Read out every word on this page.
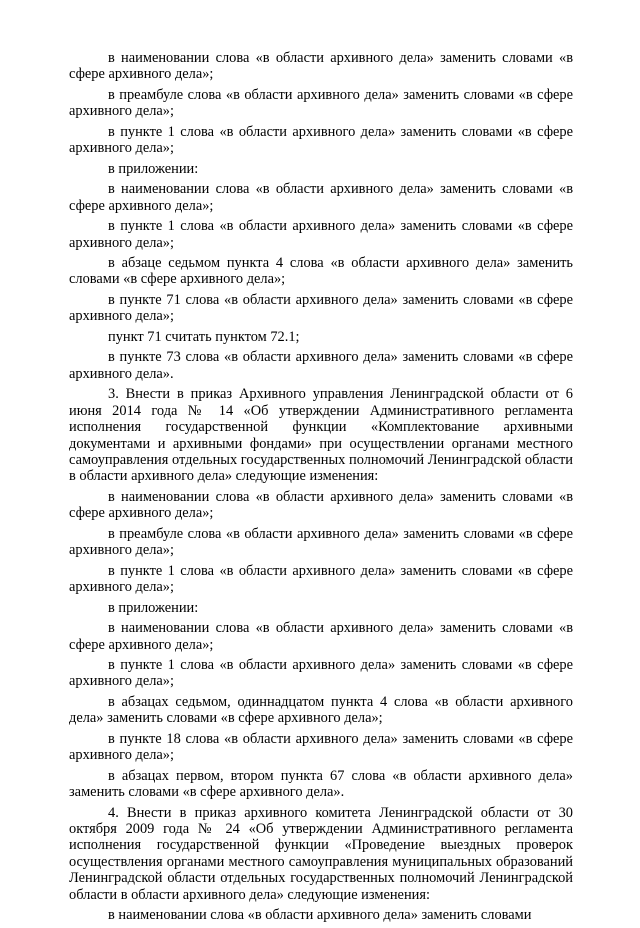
в наименовании слова «в области архивного дела» заменить словами «в сфере архивного дела»;

в преамбуле слова «в области архивного дела» заменить словами «в сфере архивного дела»;

в пункте 1 слова «в области архивного дела» заменить словами «в сфере архивного дела»;

в приложении:

в наименовании слова «в области архивного дела» заменить словами «в сфере архивного дела»;

в пункте 1 слова «в области архивного дела» заменить словами «в сфере архивного дела»;

в абзаце седьмом пункта 4 слова «в области архивного дела» заменить словами «в сфере архивного дела»;

в пункте 71 слова «в области архивного дела» заменить словами «в сфере архивного дела»;

пункт 71 считать пунктом 72.1;

в пункте 73 слова «в области архивного дела» заменить словами «в сфере архивного дела».

3. Внести в приказ Архивного управления Ленинградской области от 6 июня 2014 года № 14 «Об утверждении Административного регламента исполнения государственной функции «Комплектование архивными документами и архивными фондами» при осуществлении органами местного самоуправления отдельных государственных полномочий Ленинградской области в области архивного дела» следующие изменения:

в наименовании слова «в области архивного дела» заменить словами «в сфере архивного дела»;

в преамбуле слова «в области архивного дела» заменить словами «в сфере архивного дела»;

в пункте 1 слова «в области архивного дела» заменить словами «в сфере архивного дела»;

в приложении:

в наименовании слова «в области архивного дела» заменить словами «в сфере архивного дела»;

в пункте 1 слова «в области архивного дела» заменить словами «в сфере архивного дела»;

в абзацах седьмом, одиннадцатом пункта 4 слова «в области архивного дела» заменить словами «в сфере архивного дела»;

в пункте 18 слова «в области архивного дела» заменить словами «в сфере архивного дела»;

в абзацах первом, втором пункта 67 слова «в области архивного дела» заменить словами «в сфере архивного дела».

4. Внести в приказ архивного комитета Ленинградской области от 30 октября 2009 года № 24 «Об утверждении Административного регламента исполнения государственной функции «Проведение выездных проверок осуществления органами местного самоуправления муниципальных образований Ленинградской области отдельных государственных полномочий Ленинградской области в области архивного дела» следующие изменения:

в наименовании слова «в области архивного дела» заменить словами
